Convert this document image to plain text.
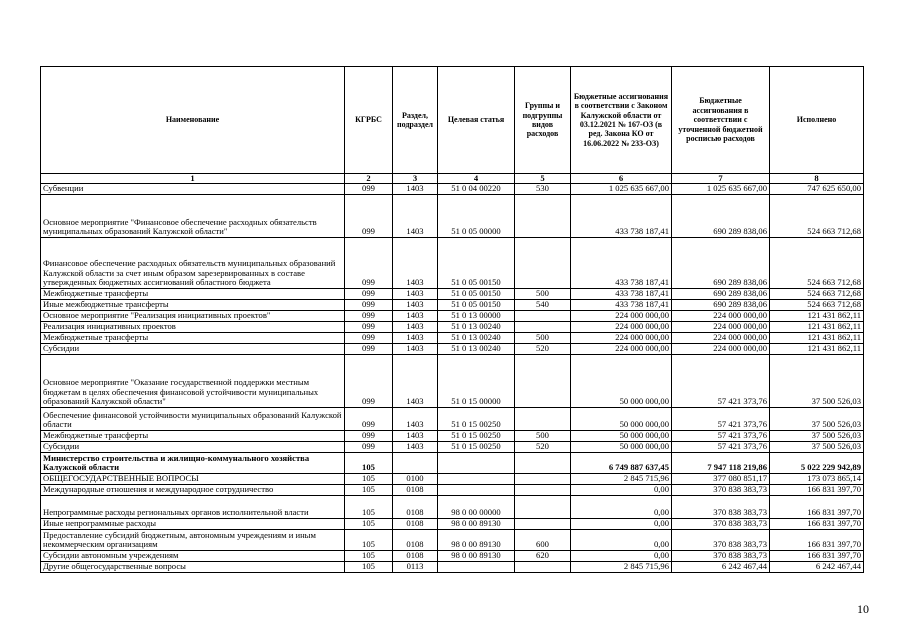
Наименование	КГРБС	Раздел, подраздел	Целевая статья	Группы и подгруппы видов расходов	Бюджетные ассигнования в соответствии с Законом Калужской области от 03.12.2021 № 167-ОЗ (в ред. Закона КО от 16.06.2022 № 233-ОЗ)	Бюджетные ассигнования в соответствии с уточненной бюджетной росписью расходов	Исполнено
1	2	3	4	5	6	7	8
Субвенции	099	1403	51 0 04 00220	530	1 025 635 667,00	1 025 635 667,00	747 625 650,00
Основное мероприятие "Финансовое обеспечение расходных обязательств муниципальных образований Калужской области"	099	1403	51 0 05 00000		433 738 187,41	690 289 838,06	524 663 712,68
Финансовое обеспечение расходных обязательств муниципальных образований Калужской области за счет иным образом зарезервированных в составе утвержденных бюджетных ассигнований областного бюджета	099	1403	51 0 05 00150		433 738 187,41	690 289 838,06	524 663 712,68
Межбюджетные трансферты	099	1403	51 0 05 00150	500	433 738 187,41	690 289 838,06	524 663 712,68
Иные межбюджетные трансферты	099	1403	51 0 05 00150	540	433 738 187,41	690 289 838,06	524 663 712,68
Основное мероприятие "Реализация инициативных проектов"	099	1403	51 0 13 00000		224 000 000,00	224 000 000,00	121 431 862,11
Реализация инициативных проектов	099	1403	51 0 13 00240		224 000 000,00	224 000 000,00	121 431 862,11
Межбюджетные трансферты	099	1403	51 0 13 00240	500	224 000 000,00	224 000 000,00	121 431 862,11
Субсидии	099	1403	51 0 13 00240	520	224 000 000,00	224 000 000,00	121 431 862,11
Основное мероприятие "Оказание государственной поддержки местным бюджетам в целях обеспечения финансовой устойчивости муниципальных образований Калужской области"	099	1403	51 0 15 00000		50 000 000,00	57 421 373,76	37 500 526,03
Обеспечение финансовой устойчивости муниципальных образований Калужской области	099	1403	51 0 15 00250		50 000 000,00	57 421 373,76	37 500 526,03
Межбюджетные трансферты	099	1403	51 0 15 00250	500	50 000 000,00	57 421 373,76	37 500 526,03
Субсидии	099	1403	51 0 15 00250	520	50 000 000,00	57 421 373,76	37 500 526,03
Министерство строительства и жилищно-коммунального хозяйства Калужской области	105				6 749 887 637,45	7 947 118 219,86	5 022 229 942,89
ОБЩЕГОСУДАРСТВЕННЫЕ ВОПРОСЫ	105	0100			2 845 715,96	377 080 851,17	173 073 865,14
Международные отношения и международное сотрудничество	105	0108			0,00	370 838 383,73	166 831 397,70
Непрограммные расходы региональных органов исполнительной власти	105	0108	98 0 00 00000		0,00	370 838 383,73	166 831 397,70
Иные непрограммные расходы	105	0108	98 0 00 89130		0,00	370 838 383,73	166 831 397,70
Предоставление субсидий бюджетным, автономным учреждениям и иным некоммерческим организациям	105	0108	98 0 00 89130	600	0,00	370 838 383,73	166 831 397,70
Субсидии автономным учреждениям	105	0108	98 0 00 89130	620	0,00	370 838 383,73	166 831 397,70
Другие общегосударственные вопросы	105	0113			2 845 715,96	6 242 467,44	6 242 467,44
10
